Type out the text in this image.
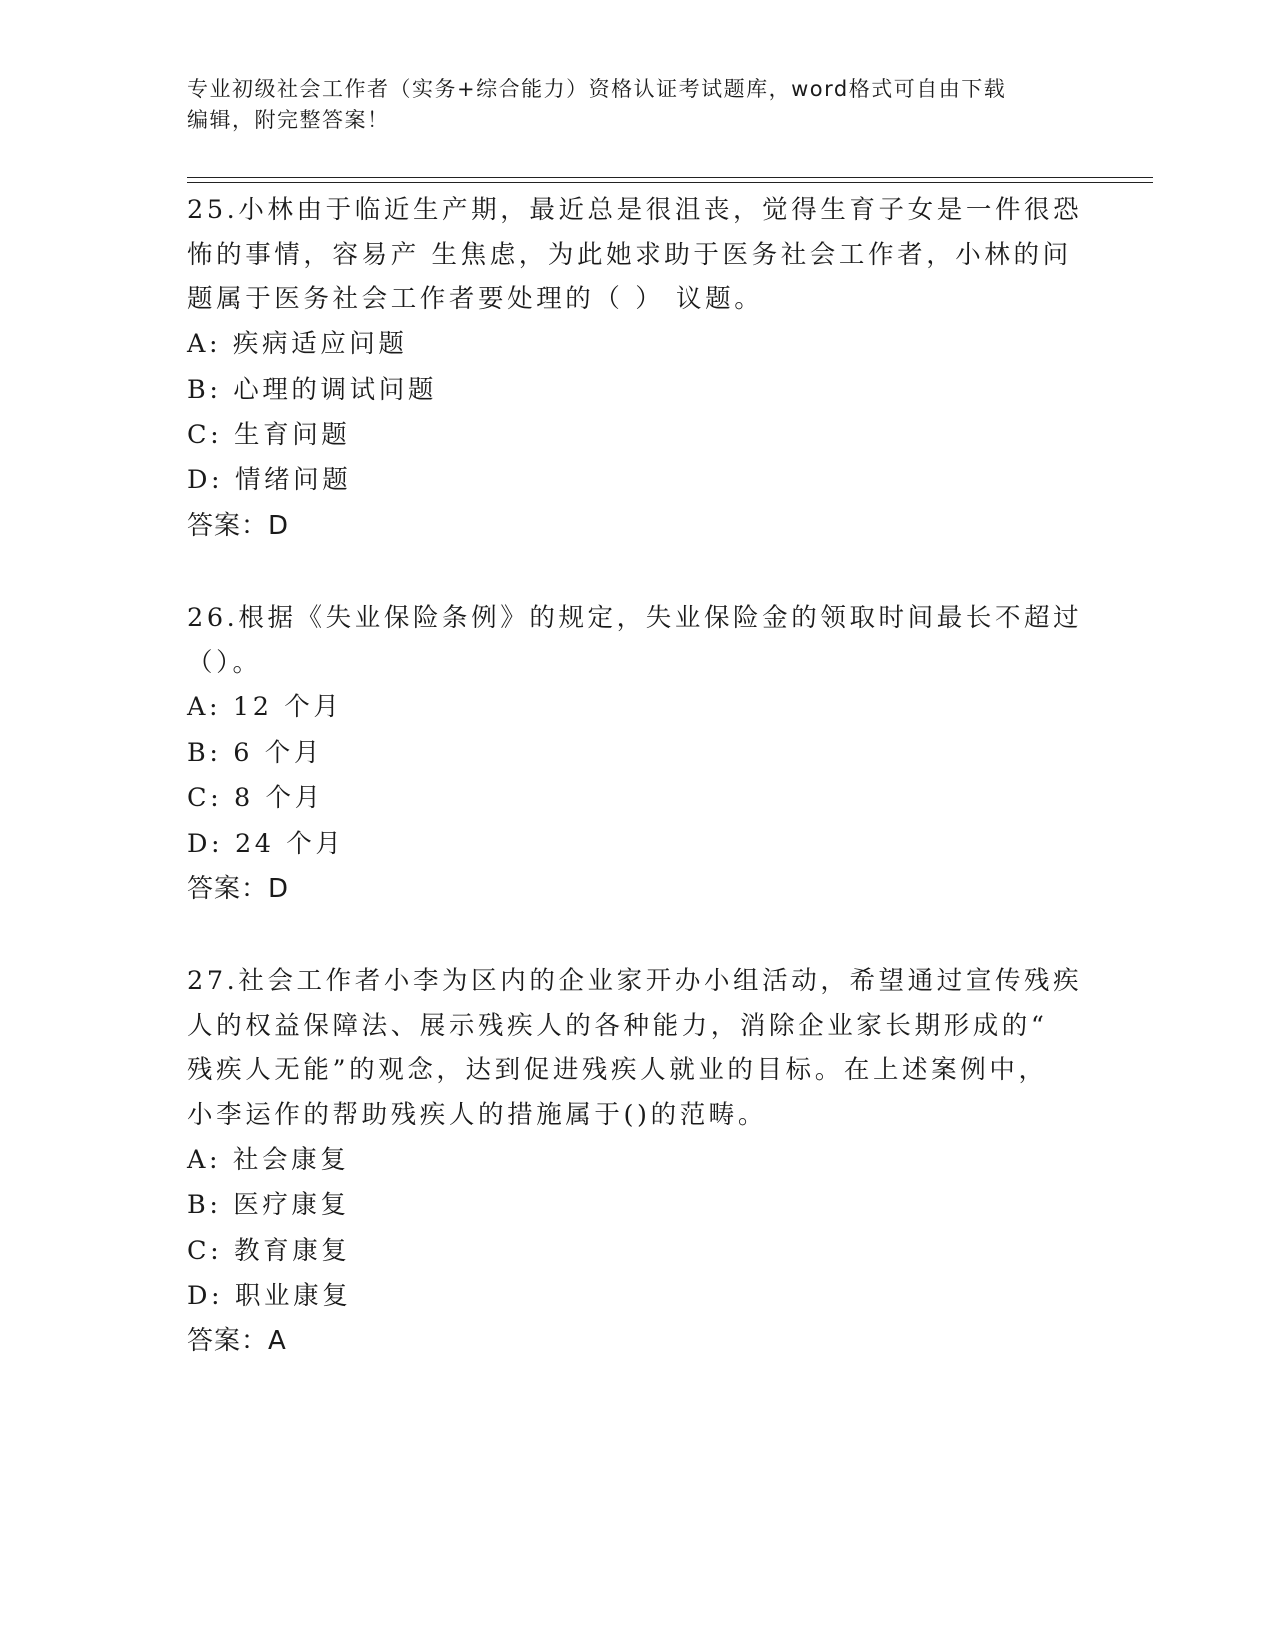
专业初级社会工作者（实务+综合能力）资格认证考试题库，word格式可自由下载
编辑，附完整答案！
25.小林由于临近生产期，最近总是很沮丧，觉得生育子女是一件很恐
怖的事情，容易产 生焦虑，为此她求助于医务社会工作者，小林的问
题属于医务社会工作者要处理的（ ） 议题。
A: 疾病适应问题
B: 心理的调试问题
C: 生育问题
D: 情绪问题
答案：D
26.根据《失业保险条例》的规定，失业保险金的领取时间最长不超过
（）。
A: 12 个月
B: 6 个月
C: 8 个月
D: 24 个月
答案：D
27.社会工作者小李为区内的企业家开办小组活动，希望通过宣传残疾
人的权益保障法、展示残疾人的各种能力，消除企业家长期形成的“
残疾人无能”的观念，达到促进残疾人就业的目标。在上述案例中，
小李运作的帮助残疾人的措施属于()的范畴。
A: 社会康复
B: 医疗康复
C: 教育康复
D: 职业康复
答案：A
